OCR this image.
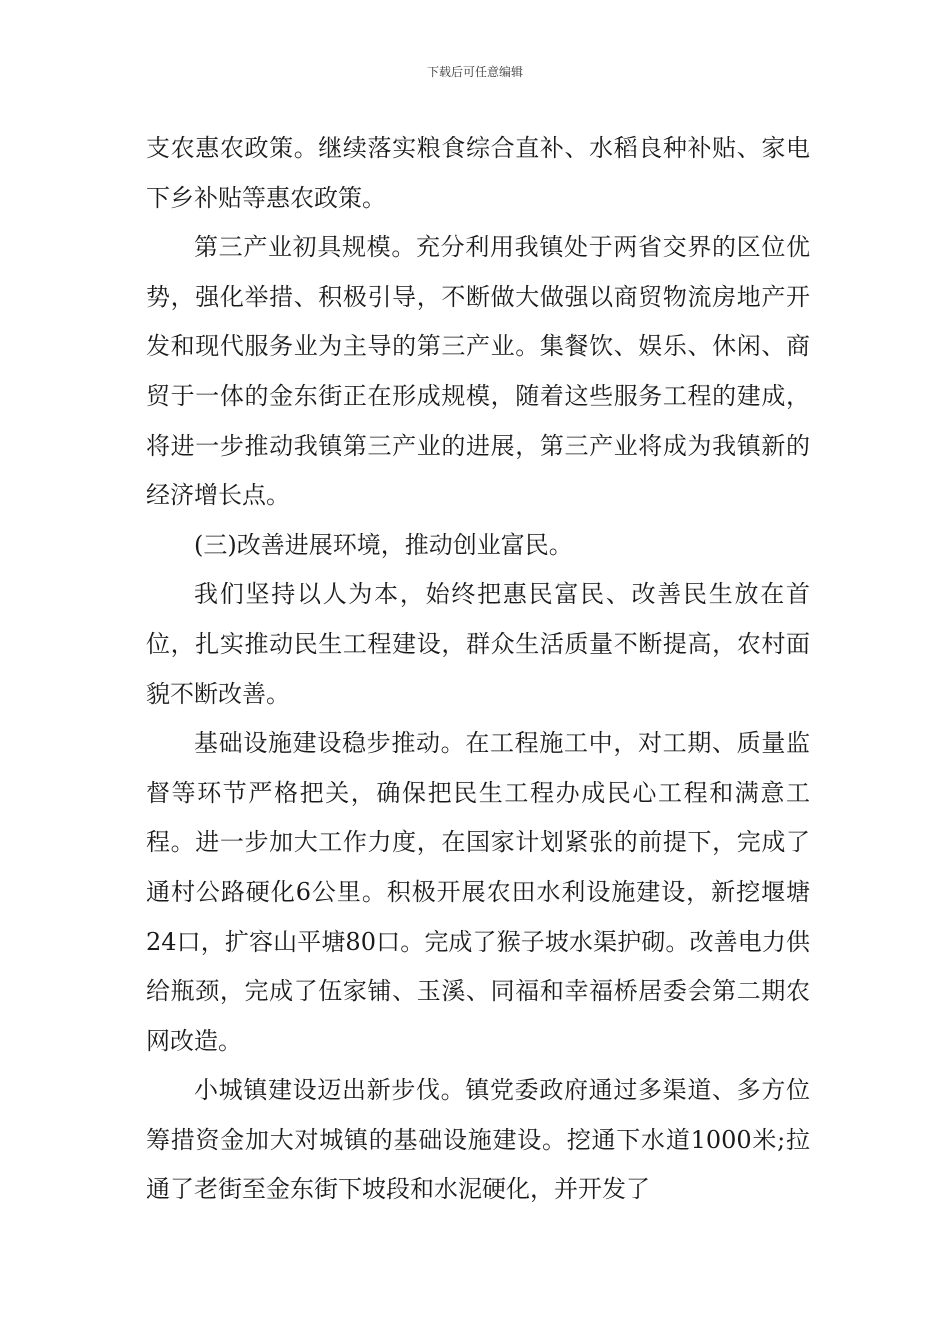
下载后可任意编辑

支农惠农政策。继续落实粮食综合直补、水稻良种补贴、家电下乡补贴等惠农政策。

第三产业初具规模。充分利用我镇处于两省交界的区位优势，强化举措、积极引导，不断做大做强以商贸物流房地产开发和现代服务业为主导的第三产业。集餐饮、娱乐、休闲、商贸于一体的金东街正在形成规模，随着这些服务工程的建成，将进一步推动我镇第三产业的进展，第三产业将成为我镇新的经济增长点。

(三)改善进展环境，推动创业富民。

我们坚持以人为本，始终把惠民富民、改善民生放在首位，扎实推动民生工程建设，群众生活质量不断提高，农村面貌不断改善。

基础设施建设稳步推动。在工程施工中，对工期、质量监督等环节严格把关，确保把民生工程办成民心工程和满意工程。进一步加大工作力度，在国家计划紧张的前提下，完成了通村公路硬化6公里。积极开展农田水利设施建设，新挖堰塘24口，扩容山平塘80口。完成了猴子坡水渠护砌。改善电力供给瓶颈，完成了伍家铺、玉溪、同福和幸福桥居委会第二期农网改造。

小城镇建设迈出新步伐。镇党委政府通过多渠道、多方位筹措资金加大对城镇的基础设施建设。挖通下水道1000米;拉通了老街至金东街下坡段和水泥硬化，并开发了
